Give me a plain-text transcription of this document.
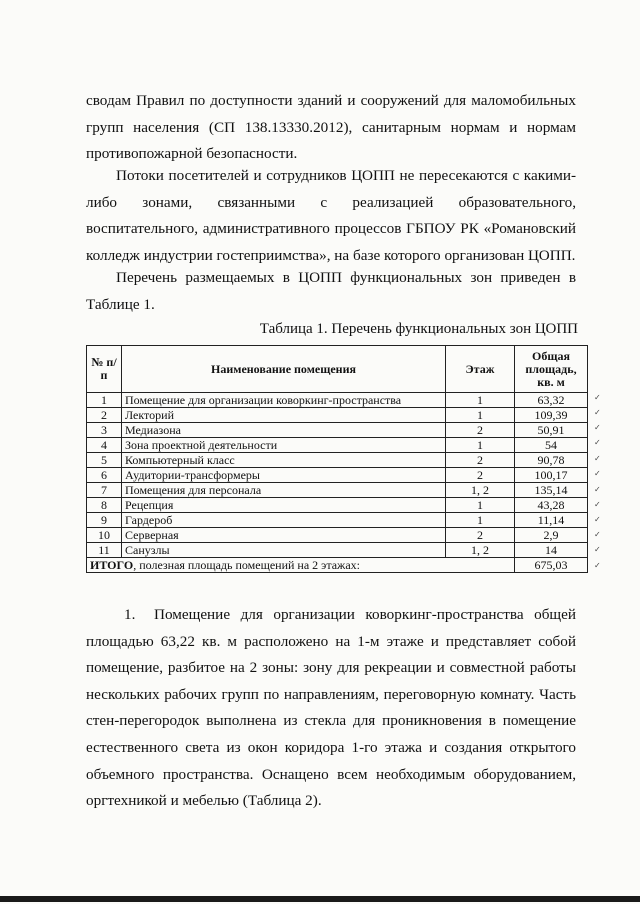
сводам Правил по доступности зданий и сооружений для маломобильных групп населения (СП 138.13330.2012), санитарным нормам и нормам противопожарной безопасности.

Потоки посетителей и сотрудников ЦОПП не пересекаются с какими-либо зонами, связанными с реализацией образовательного, воспитательного, административного процессов ГБПОУ РК «Романовский колледж индустрии гостеприимства», на базе которого организован ЦОПП.

Перечень размещаемых в ЦОПП функциональных зон приведен в Таблице 1.

Таблица 1. Перечень функциональных зон ЦОПП

№ п/п	Наименование помещения	Этаж	Общая площадь, кв. м
1	Помещение для организации коворкинг-пространства	1	63,32
2	Лекторий	1	109,39
3	Медиазона	2	50,91
4	Зона проектной деятельности	1	54
5	Компьютерный класс	2	90,78
6	Аудитории-трансформеры	2	100,17
7	Помещения для персонала	1, 2	135,14
8	Рецепция	1	43,28
9	Гардероб	1	11,14
10	Серверная	2	2,9
11	Санузлы	1, 2	14
ИТОГО, полезная площадь помещений на 2 этажах:			675,03
✓
✓
✓
✓
✓
✓
✓
✓
✓
✓
✓
✓

1. Помещение для организации коворкинг-пространства общей площадью 63,22 кв. м расположено на 1-м этаже и представляет собой помещение, разбитое на 2 зоны: зону для рекреации и совместной работы нескольких рабочих групп по направлениям, переговорную комнату. Часть стен-перегородок выполнена из стекла для проникновения в помещение естественного света из окон коридора 1-го этажа и создания открытого объемного пространства. Оснащено всем необходимым оборудованием, оргтехникой и мебелью (Таблица 2).
